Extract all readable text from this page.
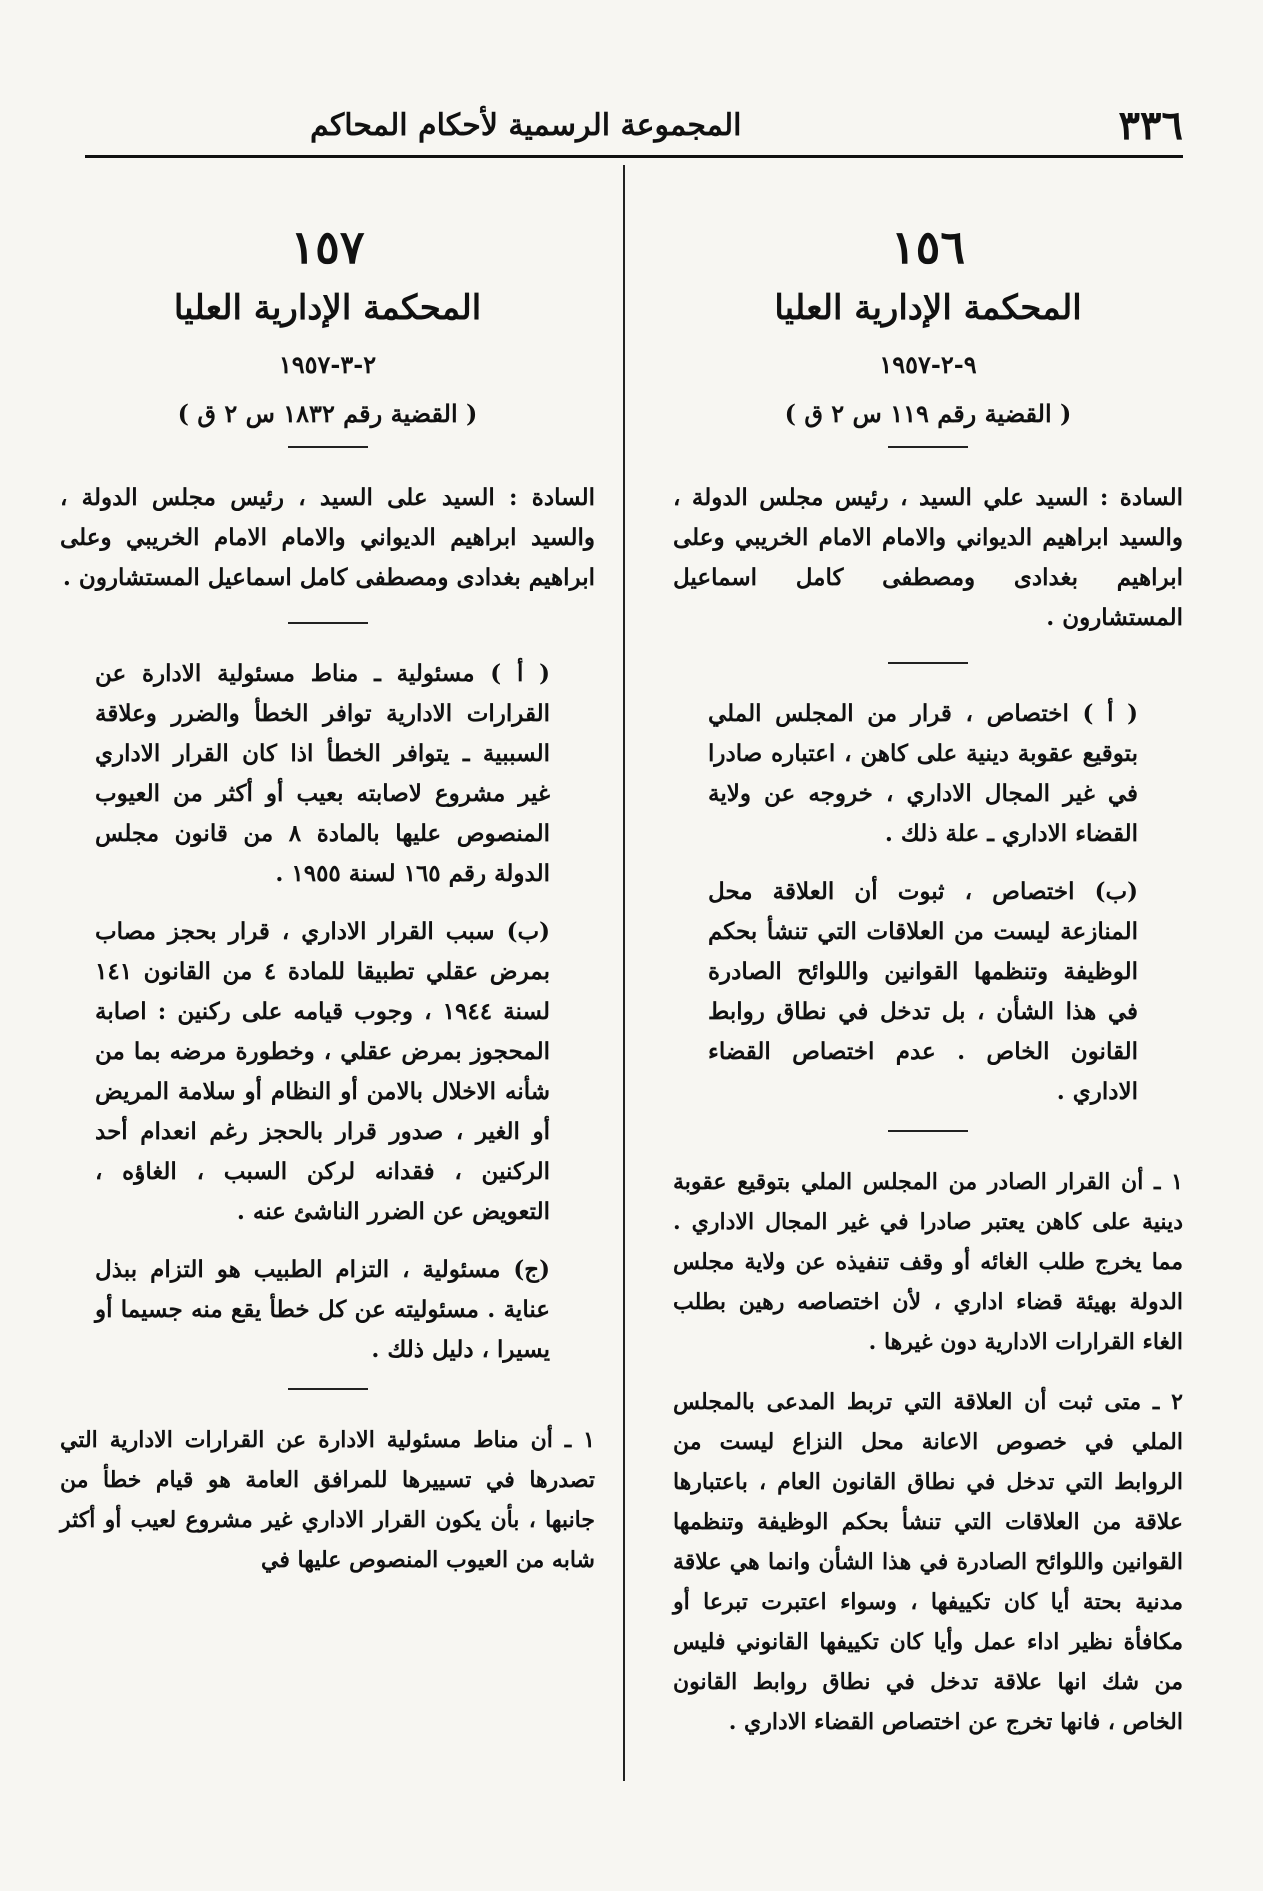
٣٣٦
المجموعة الرسمية لأحكام المحاكم
١٥٦
المحكمة الإدارية العليا
٩-٢-١٩٥٧
( القضية رقم ١١٩ س ٢ ق )

السادة : السيد علي السيد ، رئيس مجلس الدولة ، والسيد ابراهيم الديواني والامام الامام الخريبي وعلى ابراهيم بغدادى ومصطفى كامل اسماعيل المستشارون .

( أ ) اختصاص ، قرار من المجلس الملي بتوقيع عقوبة دينية على كاهن ، اعتباره صادرا في غير المجال الاداري ، خروجه عن ولاية القضاء الاداري ـ علة ذلك .

(ب) اختصاص ، ثبوت أن العلاقة محل المنازعة ليست من العلاقات التي تنشأ بحكم الوظيفة وتنظمها القوانين واللوائح الصادرة في هذا الشأن ، بل تدخل في نطاق روابط القانون الخاص . عدم اختصاص القضاء الاداري .

١ ـ أن القرار الصادر من المجلس الملي بتوقيع عقوبة دينية على كاهن يعتبر صادرا في غير المجال الاداري . مما يخرج طلب الغائه أو وقف تنفيذه عن ولاية مجلس الدولة بهيئة قضاء اداري ، لأن اختصاصه رهين بطلب الغاء القرارات الادارية دون غيرها .

٢ ـ متى ثبت أن العلاقة التي تربط المدعى بالمجلس الملي في خصوص الاعانة محل النزاع ليست من الروابط التي تدخل في نطاق القانون العام ، باعتبارها علاقة من العلاقات التي تنشأ بحكم الوظيفة وتنظمها القوانين واللوائح الصادرة في هذا الشأن وانما هي علاقة مدنية بحتة أيا كان تكييفها ، وسواء اعتبرت تبرعا أو مكافأة نظير اداء عمل وأيا كان تكييفها القانوني فليس من شك انها علاقة تدخل في نطاق روابط القانون الخاص ، فانها تخرج عن اختصاص القضاء الاداري .

١٥٧
المحكمة الإدارية العليا
٢-٣-١٩٥٧
( القضية رقم ١٨٣٢ س ٢ ق )

السادة : السيد على السيد ، رئيس مجلس الدولة ، والسيد ابراهيم الديواني والامام الامام الخريبي وعلى ابراهيم بغدادى ومصطفى كامل اسماعيل المستشارون .

( أ ) مسئولية ـ مناط مسئولية الادارة عن القرارات الادارية توافر الخطأ والضرر وعلاقة السببية ـ يتوافر الخطأ اذا كان القرار الاداري غير مشروع لاصابته بعيب أو أكثر من العيوب المنصوص عليها بالمادة ٨ من قانون مجلس الدولة رقم ١٦٥ لسنة ١٩٥٥ .

(ب) سبب القرار الاداري ، قرار بحجز مصاب بمرض عقلي تطبيقا للمادة ٤ من القانون ١٤١ لسنة ١٩٤٤ ، وجوب قيامه على ركنين : اصابة المحجوز بمرض عقلي ، وخطورة مرضه بما من شأنه الاخلال بالامن أو النظام أو سلامة المريض أو الغير ، صدور قرار بالحجز رغم انعدام أحد الركنين ، فقدانه لركن السبب ، الغاؤه ، التعويض عن الضرر الناشئ عنه .

(ج) مسئولية ، التزام الطبيب هو التزام ببذل عناية . مسئوليته عن كل خطأ يقع منه جسيما أو يسيرا ، دليل ذلك .

١ ـ أن مناط مسئولية الادارة عن القرارات الادارية التي تصدرها في تسييرها للمرافق العامة هو قيام خطأ من جانبها ، بأن يكون القرار الاداري غير مشروع لعيب أو أكثر شابه من العيوب المنصوص عليها في
